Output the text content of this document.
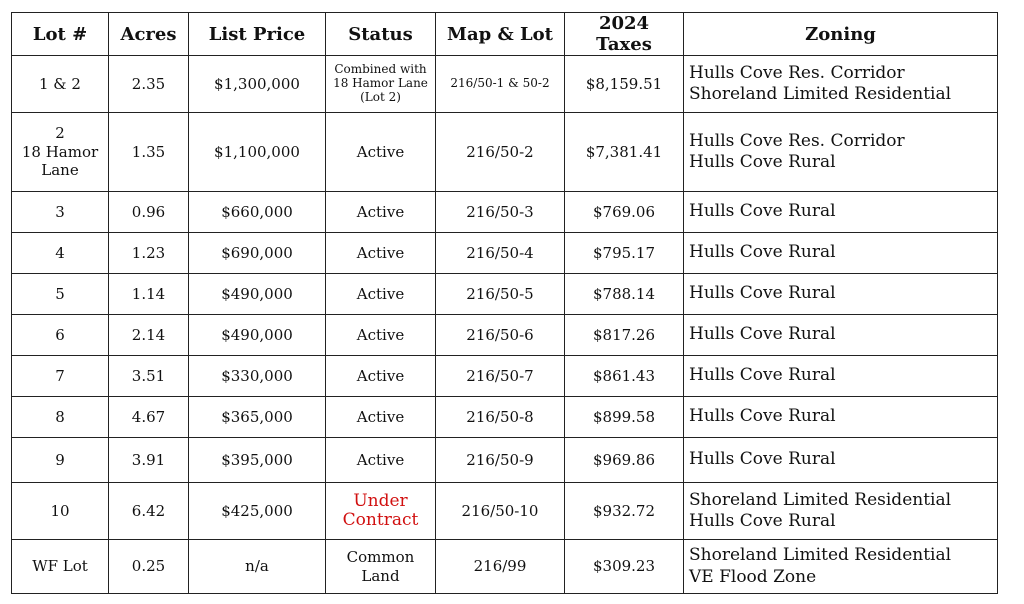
Lot #	Acres	List Price	Status	Map & Lot	2024 Taxes	Zoning

1 & 2	2.35	$1,300,000	Combined with
18 Hamor Lane
(Lot 2)	216/50-1 & 50-2	$8,159.51	Hulls Cove Res. Corridor
Shoreland Limited Residential

2
18 Hamor
Lane	1.35	$1,100,000	Active	216/50-2	$7,381.41	Hulls Cove Res. Corridor
Hulls Cove Rural

3	0.96	$660,000	Active	216/50-3	$769.06	Hulls Cove Rural

4	1.23	$690,000	Active	216/50-4	$795.17	Hulls Cove Rural

5	1.14	$490,000	Active	216/50-5	$788.14	Hulls Cove Rural

6	2.14	$490,000	Active	216/50-6	$817.26	Hulls Cove Rural

7	3.51	$330,000	Active	216/50-7	$861.43	Hulls Cove Rural

8	4.67	$365,000	Active	216/50-8	$899.58	Hulls Cove Rural

9	3.91	$395,000	Active	216/50-9	$969.86	Hulls Cove Rural

10	6.42	$425,000	Under
Contract	216/50-10	$932.72	Shoreland Limited Residential
Hulls Cove Rural

WF Lot	0.25	n/a	Common
Land	216/99	$309.23	Shoreland Limited Residential
VE Flood Zone
